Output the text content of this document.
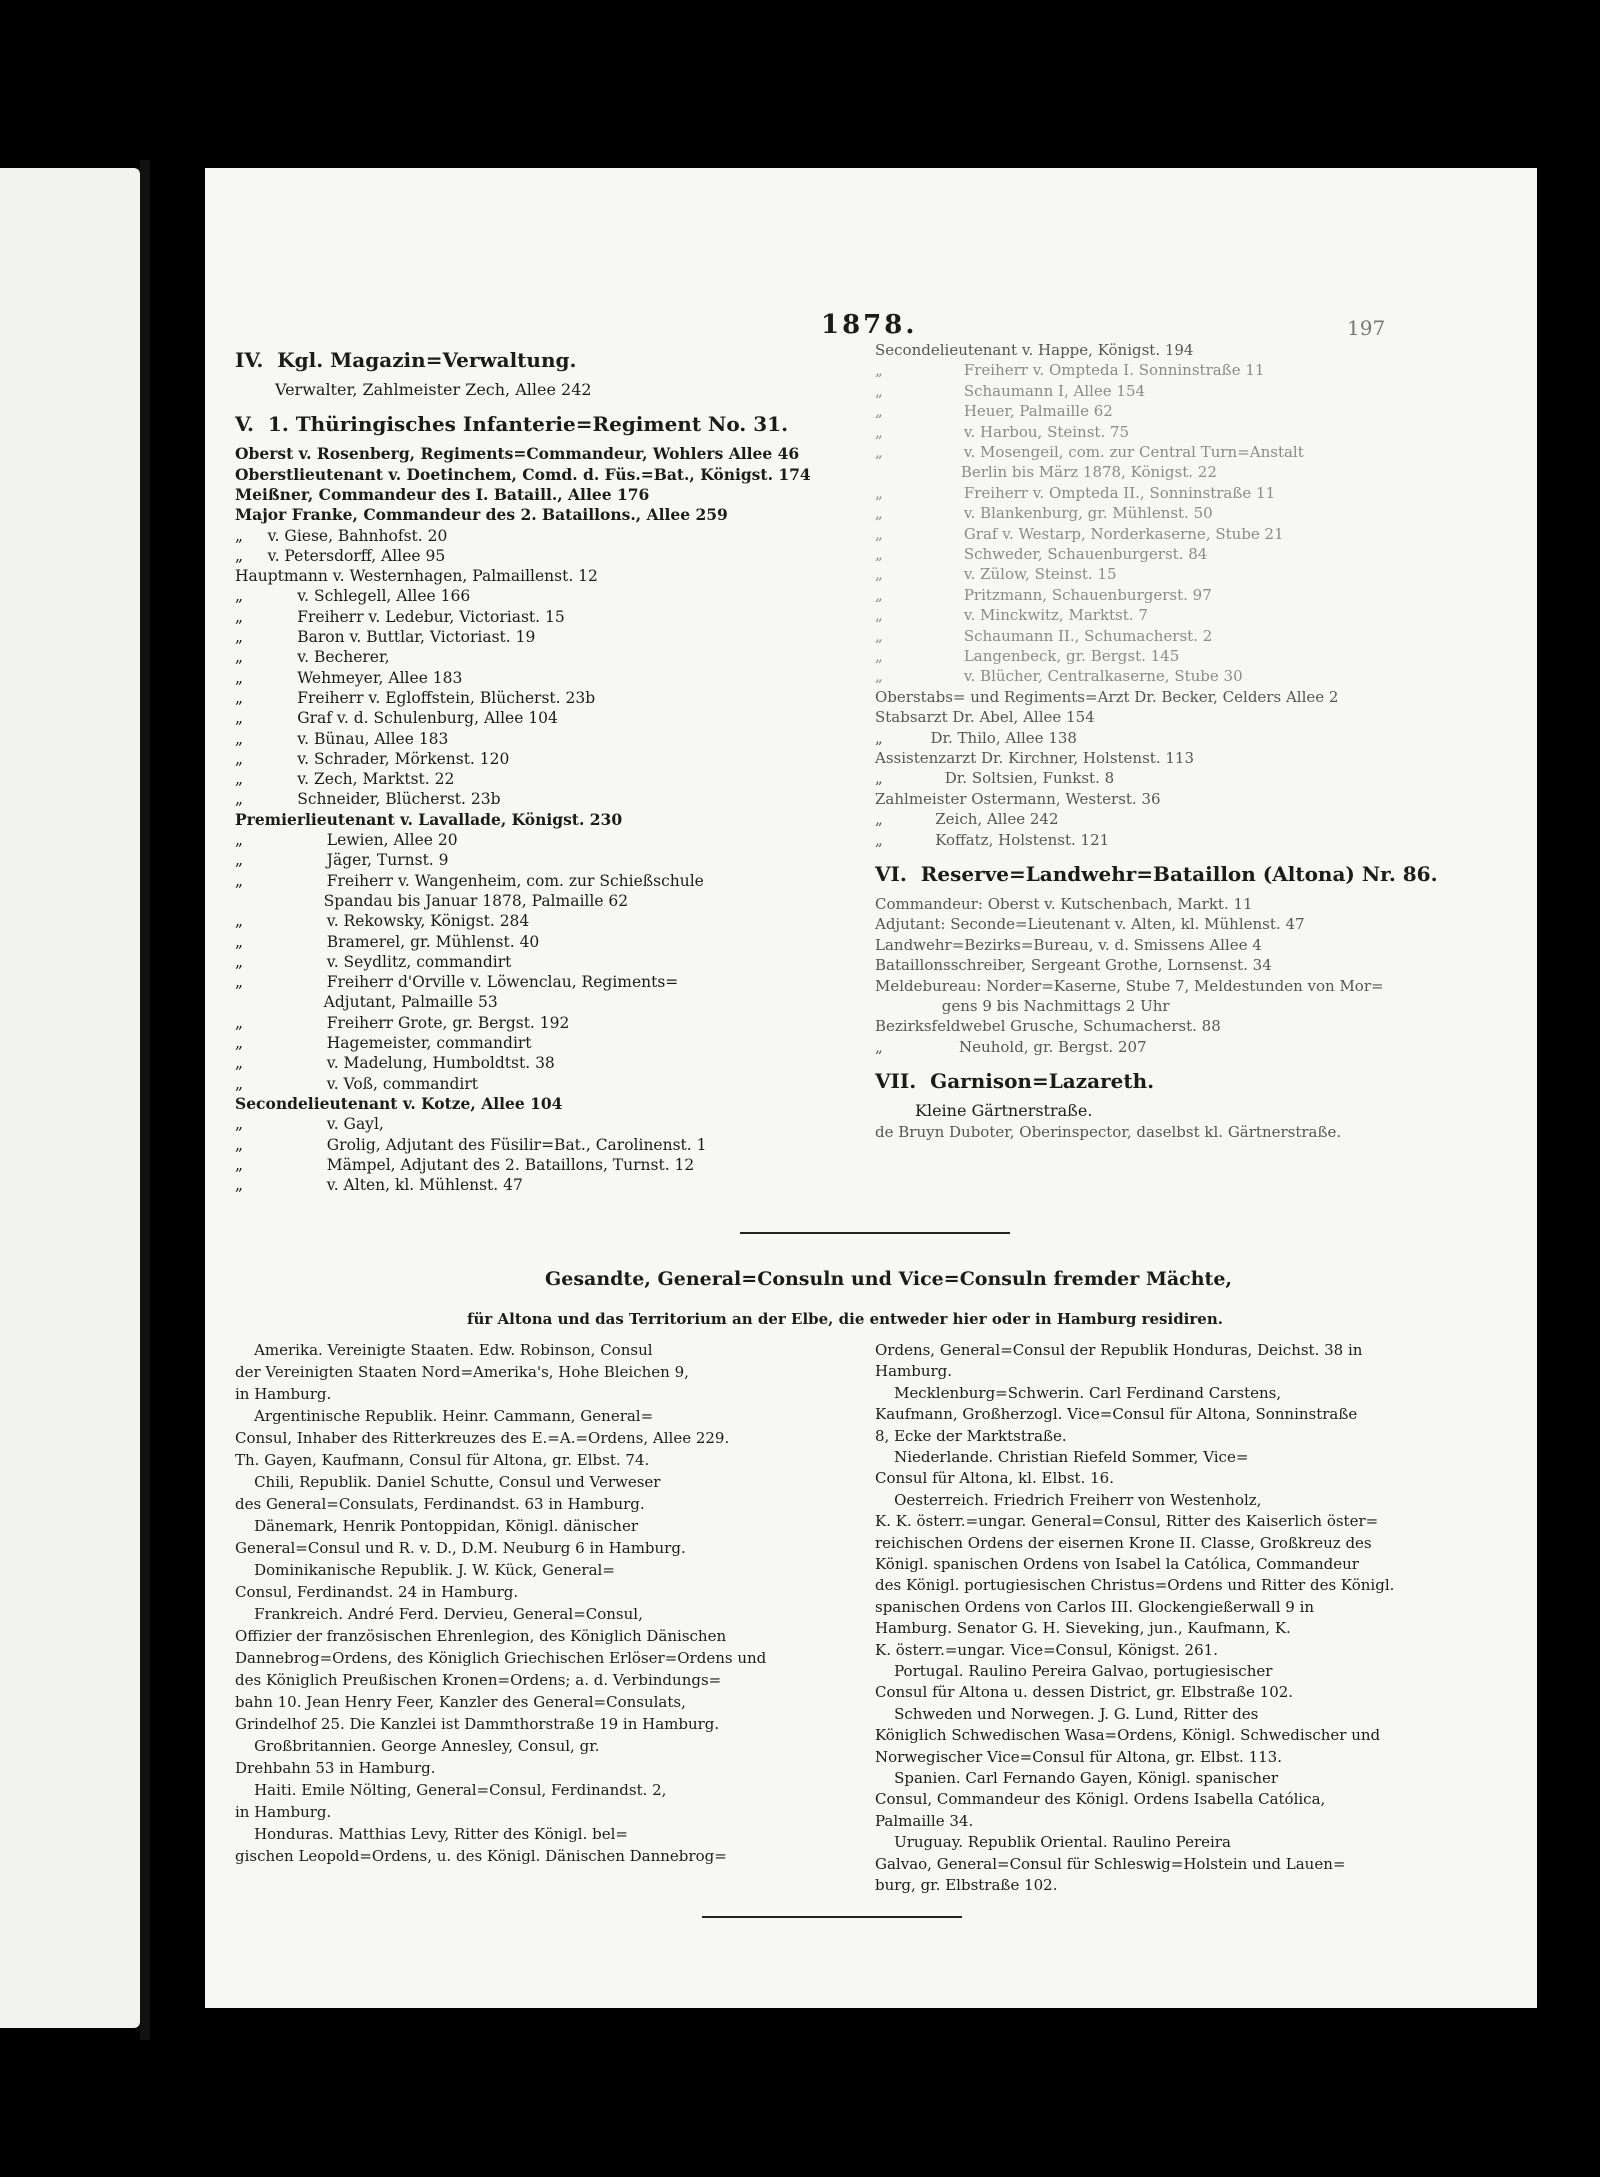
1878.	197
IV.  Kgl. Magazin=Verwaltung.
Verwalter, Zahlmeister Zech, Allee 242
V.  1. Thüringisches Infanterie=Regiment No. 31.
Oberst v. Rosenberg, Regiments=Commandeur, Wohlers Allee 46
Oberstlieutenant v. Doetinchem, Comd. d. Füs.=Bat., Königst. 174
Meißner, Commandeur des I. Bataill., Allee 176
Major Franke, Commandeur des 2. Bataillons., Allee 259
„     v. Giese, Bahnhofst. 20
„     v. Petersdorff, Allee 95
Hauptmann v. Westernhagen, Palmaillenst. 12
„           v. Schlegell, Allee 166
„           Freiherr v. Ledebur, Victoriast. 15
„           Baron v. Buttlar, Victoriast. 19
„           v. Becherer,
„           Wehmeyer, Allee 183
„           Freiherr v. Egloffstein, Blücherst. 23b
„           Graf v. d. Schulenburg, Allee 104
„           v. Bünau, Allee 183
„           v. Schrader, Mörkenst. 120
„           v. Zech, Marktst. 22
„           Schneider, Blücherst. 23b
Premierlieutenant v. Lavallade, Königst. 230
„                 Lewien, Allee 20
„                 Jäger, Turnst. 9
„                 Freiherr v. Wangenheim, com. zur Schießschule
Spandau bis Januar 1878, Palmaille 62
„                 v. Rekowsky, Königst. 284
„                 Bramerel, gr. Mühlenst. 40
„                 v. Seydlitz, commandirt
„                 Freiherr d'Orville v. Löwenclau, Regiments=
Adjutant, Palmaille 53
„                 Freiherr Grote, gr. Bergst. 192
„                 Hagemeister, commandirt
„                 v. Madelung, Humboldtst. 38
„                 v. Voß, commandirt
Secondelieutenant v. Kotze, Allee 104
„                 v. Gayl,
„                 Grolig, Adjutant des Füsilir=Bat., Carolinenst. 1
„                 Mämpel, Adjutant des 2. Bataillons, Turnst. 12
„                 v. Alten, kl. Mühlenst. 47
Secondelieutenant v. Happe, Königst. 194
„                 Freiherr v. Ompteda I. Sonninstraße 11
„                 Schaumann I, Allee 154
„                 Heuer, Palmaille 62
„                 v. Harbou, Steinst. 75
„                 v. Mosengeil, com. zur Central Turn=Anstalt
Berlin bis März 1878, Königst. 22
„                 Freiherr v. Ompteda II., Sonninstraße 11
„                 v. Blankenburg, gr. Mühlenst. 50
„                 Graf v. Westarp, Norderkaserne, Stube 21
„                 Schweder, Schauenburgerst. 84
„                 v. Zülow, Steinst. 15
„                 Pritzmann, Schauenburgerst. 97
„                 v. Minckwitz, Marktst. 7
„                 Schaumann II., Schumacherst. 2
„                 Langenbeck, gr. Bergst. 145
„                 v. Blücher, Centralkaserne, Stube 30
Oberstabs= und Regiments=Arzt Dr. Becker, Celders Allee 2
Stabsarzt Dr. Abel, Allee 154
„          Dr. Thilo, Allee 138
Assistenzarzt Dr. Kirchner, Holstenst. 113
„             Dr. Soltsien, Funkst. 8
Zahlmeister Ostermann, Westerst. 36
„           Zeich, Allee 242
„           Koffatz, Holstenst. 121
VI.  Reserve=Landwehr=Bataillon (Altona) Nr. 86.
Commandeur: Oberst v. Kutschenbach, Markt. 11
Adjutant: Seconde=Lieutenant v. Alten, kl. Mühlenst. 47
Landwehr=Bezirks=Bureau, v. d. Smissens Allee 4
Bataillonsschreiber, Sergeant Grothe, Lornsenst. 34
Meldebureau: Norder=Kaserne, Stube 7, Meldestunden von Mor=
gens 9 bis Nachmittags 2 Uhr
Bezirksfeldwebel Grusche, Schumacherst. 88
„                Neuhold, gr. Bergst. 207
VII.  Garnison=Lazareth.
Kleine Gärtnerstraße.
de Bruyn Duboter, Oberinspector, daselbst kl. Gärtnerstraße.
Gesandte, General=Consuln und Vice=Consuln fremder Mächte,
für Altona und das Territorium an der Elbe, die entweder hier oder in Hamburg residiren.
Amerika. Vereinigte Staaten. Edw. Robinson, Consul
der Vereinigten Staaten Nord=Amerika's, Hohe Bleichen 9,
in Hamburg.
Argentinische Republik. Heinr. Cammann, General=
Consul, Inhaber des Ritterkreuzes des E.=A.=Ordens, Allee 229.
Th. Gayen, Kaufmann, Consul für Altona, gr. Elbst. 74.
Chili, Republik. Daniel Schutte, Consul und Verweser
des General=Consulats, Ferdinandst. 63 in Hamburg.
Dänemark, Henrik Pontoppidan, Königl. dänischer
General=Consul und R. v. D., D.M. Neuburg 6 in Hamburg.
Dominikanische Republik. J. W. Kück, General=
Consul, Ferdinandst. 24 in Hamburg.
Frankreich. André Ferd. Dervieu, General=Consul,
Offizier der französischen Ehrenlegion, des Königlich Dänischen
Dannebrog=Ordens, des Königlich Griechischen Erlöser=Ordens und
des Königlich Preußischen Kronen=Ordens; a. d. Verbindungs=
bahn 10. Jean Henry Feer, Kanzler des General=Consulats,
Grindelhof 25. Die Kanzlei ist Dammthorstraße 19 in Hamburg.
Großbritannien. George Annesley, Consul, gr.
Drehbahn 53 in Hamburg.
Haiti. Emile Nölting, General=Consul, Ferdinandst. 2,
in Hamburg.
Honduras. Matthias Levy, Ritter des Königl. bel=
gischen Leopold=Ordens, u. des Königl. Dänischen Dannebrog=
Ordens, General=Consul der Republik Honduras, Deichst. 38 in
Hamburg.
Mecklenburg=Schwerin. Carl Ferdinand Carstens,
Kaufmann, Großherzogl. Vice=Consul für Altona, Sonninstraße
8, Ecke der Marktstraße.
Niederlande. Christian Riefeld Sommer, Vice=
Consul für Altona, kl. Elbst. 16.
Oesterreich. Friedrich Freiherr von Westenholz,
K. K. österr.=ungar. General=Consul, Ritter des Kaiserlich öster=
reichischen Ordens der eisernen Krone II. Classe, Großkreuz des
Königl. spanischen Ordens von Isabel la Católica, Commandeur
des Königl. portugiesischen Christus=Ordens und Ritter des Königl.
spanischen Ordens von Carlos III. Glockengießerwall 9 in
Hamburg. Senator G. H. Sieveking, jun., Kaufmann, K.
K. österr.=ungar. Vice=Consul, Königst. 261.
Portugal. Raulino Pereira Galvao, portugiesischer
Consul für Altona u. dessen District, gr. Elbstraße 102.
Schweden und Norwegen. J. G. Lund, Ritter des
Königlich Schwedischen Wasa=Ordens, Königl. Schwedischer und
Norwegischer Vice=Consul für Altona, gr. Elbst. 113.
Spanien. Carl Fernando Gayen, Königl. spanischer
Consul, Commandeur des Königl. Ordens Isabella Católica,
Palmaille 34.
Uruguay. Republik Oriental. Raulino Pereira
Galvao, General=Consul für Schleswig=Holstein und Lauen=
burg, gr. Elbstraße 102.
